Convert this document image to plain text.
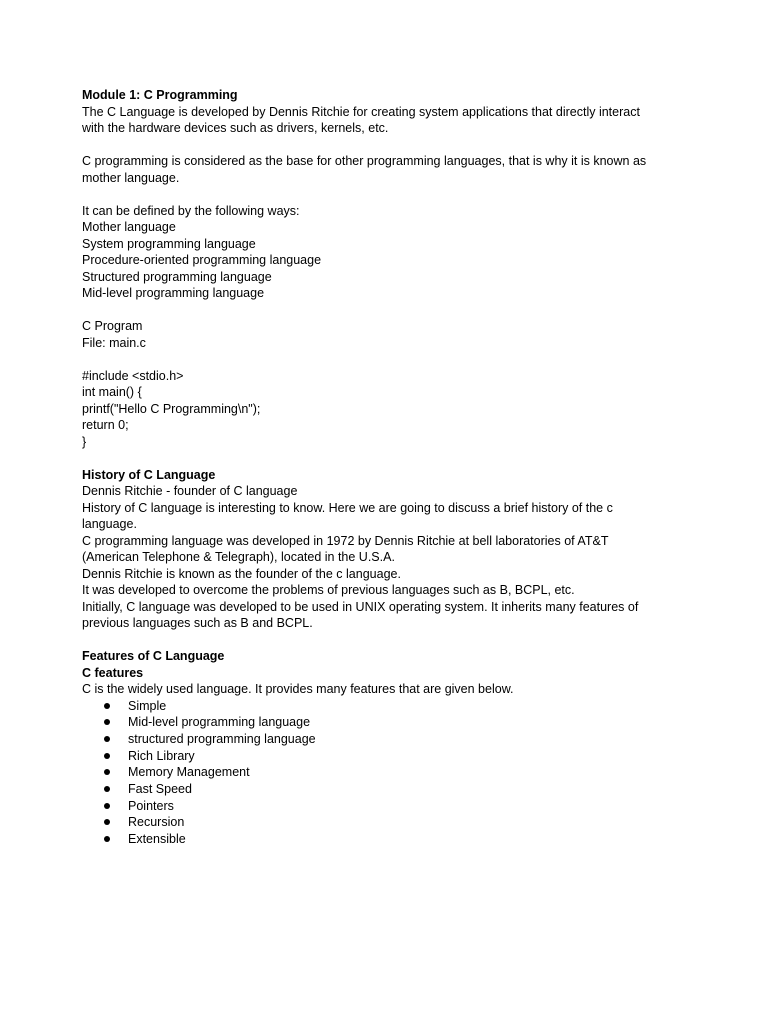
Module 1: C Programming
The C Language is developed by Dennis Ritchie for creating system applications that directly interact
with the hardware devices such as drivers, kernels, etc.
C programming is considered as the base for other programming languages, that is why it is known as
mother language.
It can be defined by the following ways:
Mother language
System programming language
Procedure-oriented programming language
Structured programming language
Mid-level programming language
C Program
File: main.c
#include <stdio.h>
int main() {
printf("Hello C Programming\n");
return 0;
}
History of C Language
Dennis Ritchie - founder of C language
History of C language is interesting to know. Here we are going to discuss a brief history of the c
language.
C programming language was developed in 1972 by Dennis Ritchie at bell laboratories of AT&T
(American Telephone & Telegraph), located in the U.S.A.
Dennis Ritchie is known as the founder of the c language.
It was developed to overcome the problems of previous languages such as B, BCPL, etc.
Initially, C language was developed to be used in UNIX operating system. It inherits many features of
previous languages such as B and BCPL.
Features of C Language
C features
C is the widely used language. It provides many features that are given below.
Simple
Mid-level programming language
structured programming language
Rich Library
Memory Management
Fast Speed
Pointers
Recursion
Extensible
